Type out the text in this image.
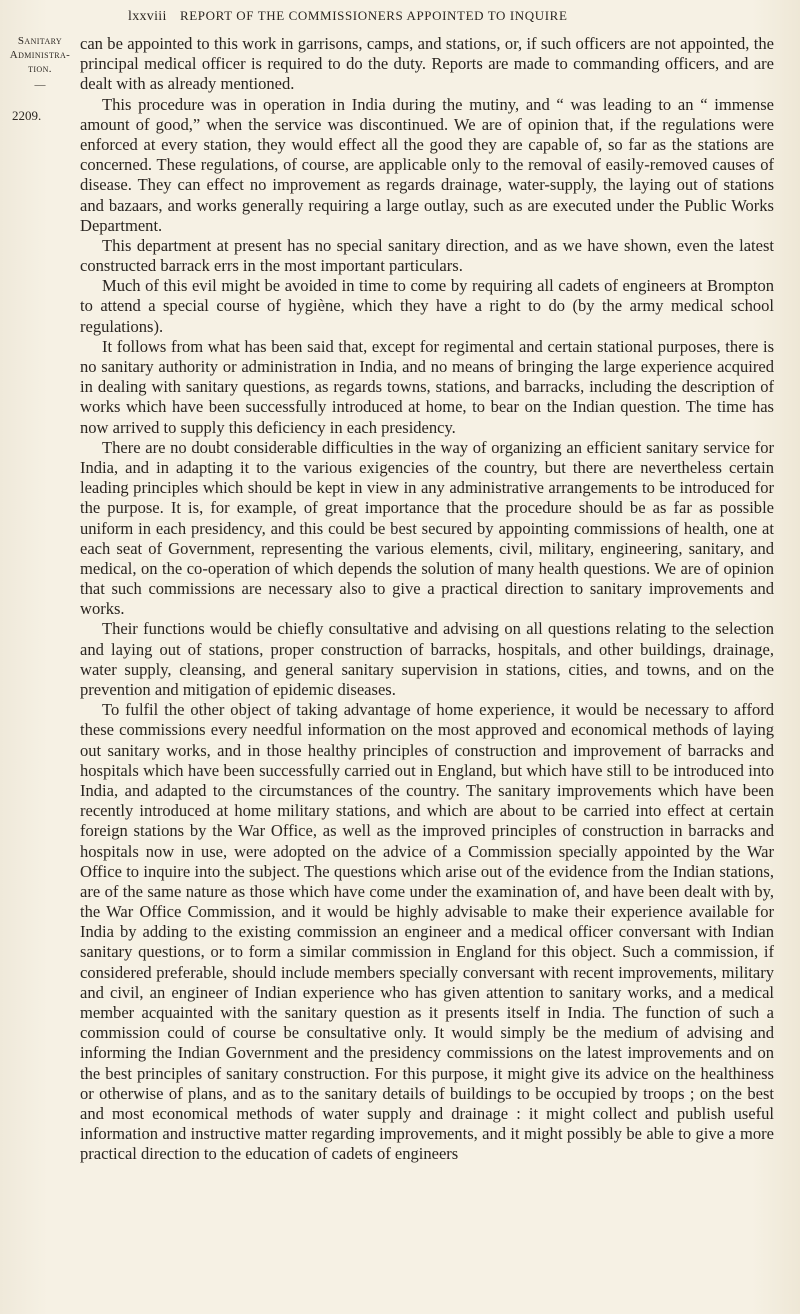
lxxviii REPORT OF THE COMMISSIONERS APPOINTED TO INQUIRE
Sanitary
Administra-
tion.
—
2209.

can be appointed to this work in garrisons, camps, and stations, or, if such officers are not appointed, the principal medical officer is required to do the duty. Reports are made to commanding officers, and are dealt with as already mentioned.

This procedure was in operation in India during the mutiny, and “ was leading to an “ immense amount of good,” when the service was discontinued. We are of opinion that, if the regulations were enforced at every station, they would effect all the good they are capable of, so far as the stations are concerned. These regulations, of course, are applicable only to the removal of easily-removed causes of disease. They can effect no improvement as regards drainage, water-supply, the laying out of stations and bazaars, and works generally requiring a large outlay, such as are executed under the Public Works Department.

This department at present has no special sanitary direction, and as we have shown, even the latest constructed barrack errs in the most important particulars.

Much of this evil might be avoided in time to come by requiring all cadets of engineers at Brompton to attend a special course of hygiène, which they have a right to do (by the army medical school regulations).

It follows from what has been said that, except for regimental and certain stational purposes, there is no sanitary authority or administration in India, and no means of bringing the large experience acquired in dealing with sanitary questions, as regards towns, stations, and barracks, including the description of works which have been successfully introduced at home, to bear on the Indian question. The time has now arrived to supply this deficiency in each presidency.

There are no doubt considerable difficulties in the way of organizing an efficient sanitary service for India, and in adapting it to the various exigencies of the country, but there are nevertheless certain leading principles which should be kept in view in any administrative arrangements to be introduced for the purpose. It is, for example, of great importance that the procedure should be as far as possible uniform in each presidency, and this could be best secured by appointing commissions of health, one at each seat of Government, representing the various elements, civil, military, engineering, sanitary, and medical, on the co-operation of which depends the solution of many health questions. We are of opinion that such commissions are necessary also to give a practical direction to sanitary improvements and works.

Their functions would be chiefly consultative and advising on all questions relating to the selection and laying out of stations, proper construction of barracks, hospitals, and other buildings, drainage, water supply, cleansing, and general sanitary supervision in stations, cities, and towns, and on the prevention and mitigation of epidemic diseases.

To fulfil the other object of taking advantage of home experience, it would be necessary to afford these commissions every needful information on the most approved and economical methods of laying out sanitary works, and in those healthy principles of construction and improvement of barracks and hospitals which have been successfully carried out in England, but which have still to be introduced into India, and adapted to the circumstances of the country. The sanitary improvements which have been recently introduced at home military stations, and which are about to be carried into effect at certain foreign stations by the War Office, as well as the improved principles of construction in barracks and hospitals now in use, were adopted on the advice of a Commission specially appointed by the War Office to inquire into the subject. The questions which arise out of the evidence from the Indian stations, are of the same nature as those which have come under the examination of, and have been dealt with by, the War Office Commission, and it would be highly advisable to make their experience available for India by adding to the existing commission an engineer and a medical officer conversant with Indian sanitary questions, or to form a similar commission in England for this object. Such a commission, if considered preferable, should include members specially conversant with recent improvements, military and civil, an engineer of Indian experience who has given attention to sanitary works, and a medical member acquainted with the sanitary question as it presents itself in India. The function of such a commission could of course be consultative only. It would simply be the medium of advising and informing the Indian Government and the presidency commissions on the latest improvements and on the best principles of sanitary construction. For this purpose, it might give its advice on the healthiness or otherwise of plans, and as to the sanitary details of buildings to be occupied by troops ; on the best and most economical methods of water supply and drainage : it might collect and publish useful information and instructive matter regarding improvements, and it might possibly be able to give a more practical direction to the education of cadets of engineers
